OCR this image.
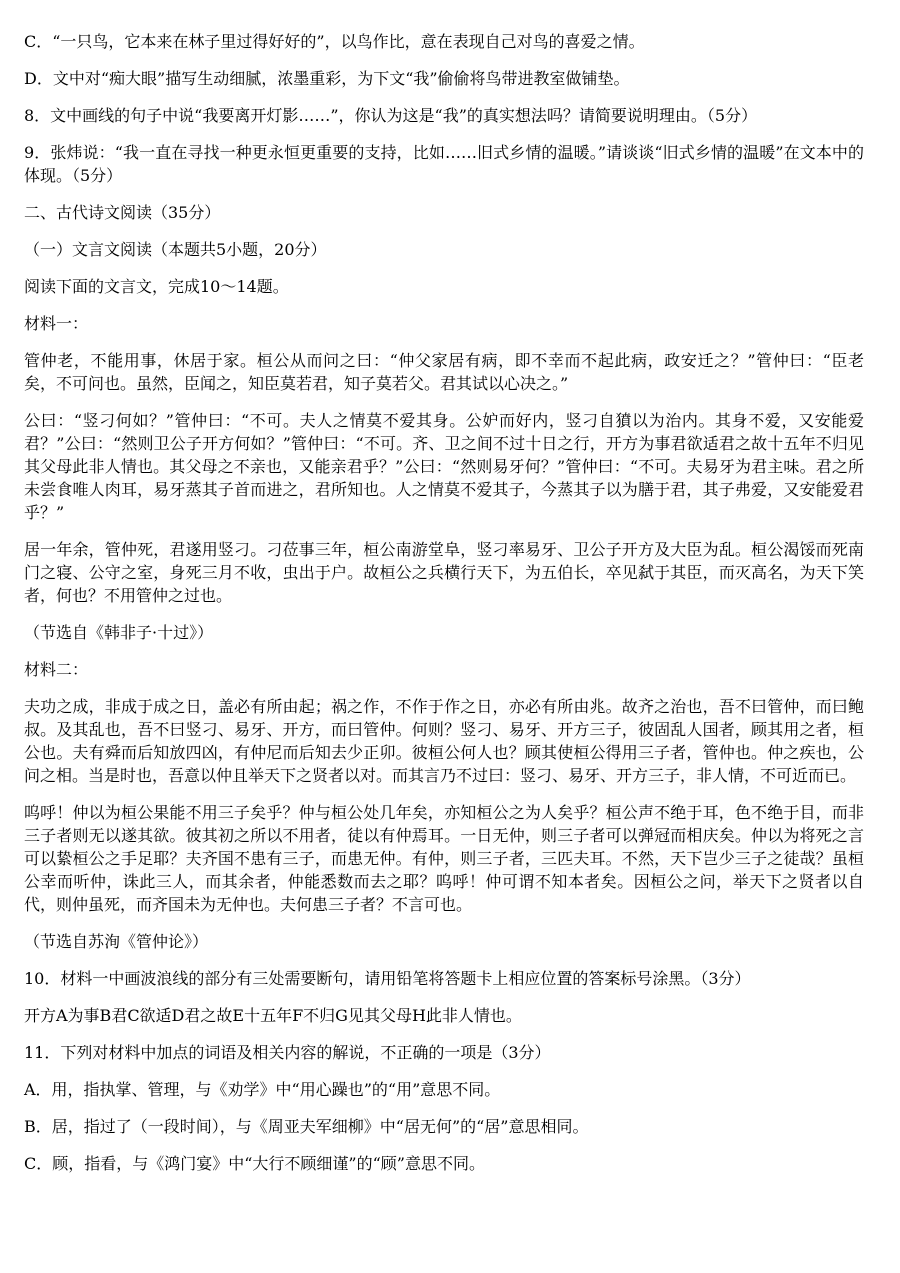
C．“一只鸟，它本来在林子里过得好好的”，以鸟作比，意在表现自己对鸟的喜爱之情。

D．文中对“痴大眼”描写生动细腻，浓墨重彩，为下文“我”偷偷将鸟带进教室做铺垫。

8．文中画线的句子中说“我要离开灯影……”，你认为这是“我”的真实想法吗？请简要说明理由。（5分）

9．张炜说：“我一直在寻找一种更永恒更重要的支持，比如……旧式乡情的温暖。”请谈谈“旧式乡情的温暖”在文本中的体现。（5分）

二、古代诗文阅读（35分）

（一）文言文阅读（本题共5小题，20分）

阅读下面的文言文，完成10～14题。

材料一：

管仲老，不能用事，休居于家。桓公从而问之曰：“仲父家居有病，即不幸而不起此病，政安迁之？”管仲曰：“臣老矣，不可问也。虽然，臣闻之，知臣莫若君，知子莫若父。君其试以心决之。”

公曰：“竖刁何如？”管仲曰：“不可。夫人之情莫不爱其身。公妒而好内，竖刁自獖以为治内。其身不爱，又安能爱君？”公曰：“然则卫公子开方何如？”管仲曰：“不可。齐、卫之间不过十日之行，开方为事君欲适君之故十五年不归见其父母此非人情也。其父母之不亲也，又能亲君乎？”公曰：“然则易牙何？”管仲曰：“不可。夫易牙为君主味。君之所未尝食唯人肉耳，易牙蒸其子首而进之，君所知也。人之情莫不爱其子，今蒸其子以为膳于君，其子弗爱，又安能爱君乎？”

居一年余，管仲死，君遂用竖刁。刁莅事三年，桓公南游堂阜，竖刁率易牙、卫公子开方及大臣为乱。桓公渴馁而死南门之寝、公守之室，身死三月不收，虫出于户。故桓公之兵横行天下，为五伯长，卒见弑于其臣，而灭高名，为天下笑者，何也？不用管仲之过也。

（节选自《韩非子·十过》）

材料二：

夫功之成，非成于成之日，盖必有所由起；祸之作，不作于作之日，亦必有所由兆。故齐之治也，吾不曰管仲，而曰鲍叔。及其乱也，吾不曰竖刁、易牙、开方，而曰管仲。何则？竖刁、易牙、开方三子，彼固乱人国者，顾其用之者，桓公也。夫有舜而后知放四凶，有仲尼而后知去少正卯。彼桓公何人也？顾其使桓公得用三子者，管仲也。仲之疾也，公问之相。当是时也，吾意以仲且举天下之贤者以对。而其言乃不过曰：竖刁、易牙、开方三子，非人情，不可近而已。

呜呼！仲以为桓公果能不用三子矣乎？仲与桓公处几年矣，亦知桓公之为人矣乎？桓公声不绝于耳，色不绝于目，而非三子者则无以遂其欲。彼其初之所以不用者，徒以有仲焉耳。一日无仲，则三子者可以弹冠而相庆矣。仲以为将死之言可以絷桓公之手足耶？夫齐国不患有三子，而患无仲。有仲，则三子者，三匹夫耳。不然，天下岂少三子之徒哉？虽桓公幸而听仲，诛此三人，而其余者，仲能悉数而去之耶？呜呼！仲可谓不知本者矣。因桓公之问，举天下之贤者以自代，则仲虽死，而齐国未为无仲也。夫何患三子者？不言可也。

（节选自苏洵《管仲论》）

10．材料一中画波浪线的部分有三处需要断句，请用铅笔将答题卡上相应位置的答案标号涂黑。（3分）

开方A为事B君C欲适D君之故E十五年F不归G见其父母H此非人情也。

11．下列对材料中加点的词语及相关内容的解说，不正确的一项是（3分）

A．用，指执掌、管理，与《劝学》中“用心躁也”的“用”意思不同。

B．居，指过了（一段时间），与《周亚夫军细柳》中“居无何”的“居”意思相同。

C．顾，指看，与《鸿门宴》中“大行不顾细谨”的“顾”意思不同。
